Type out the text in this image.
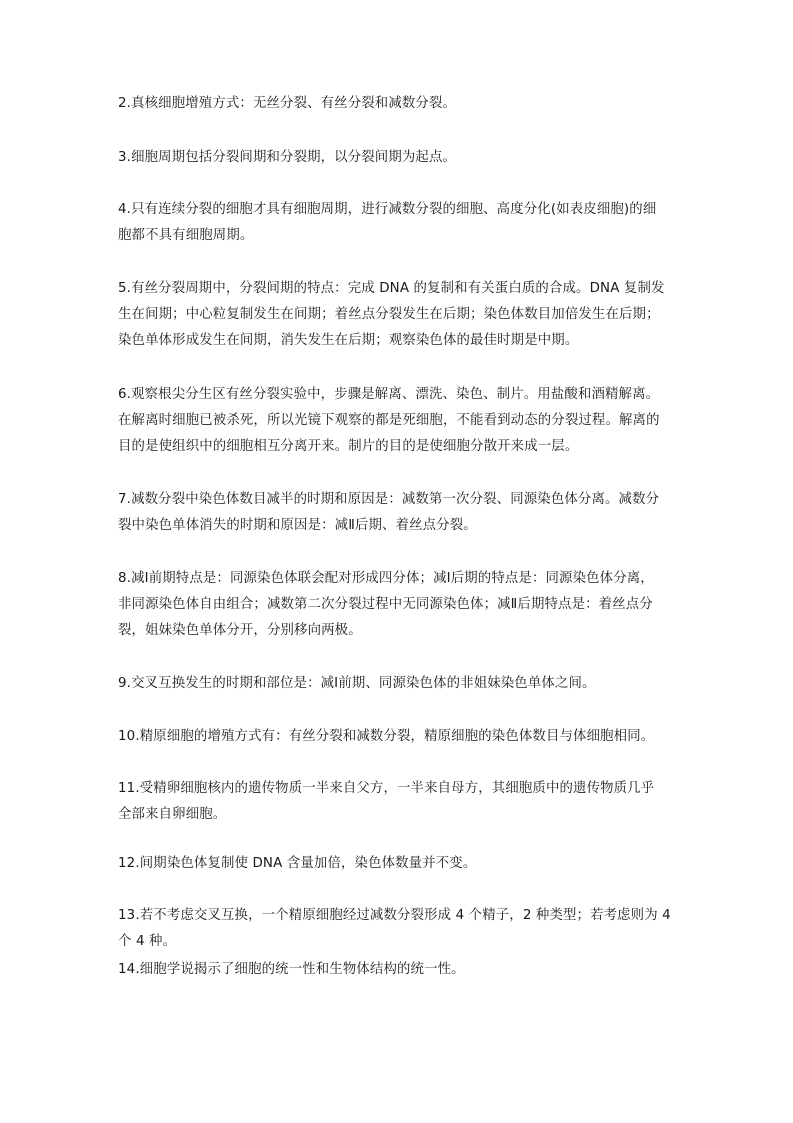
2.真核细胞增殖方式：无丝分裂、有丝分裂和减数分裂。
3.细胞周期包括分裂间期和分裂期，以分裂间期为起点。
4.只有连续分裂的细胞才具有细胞周期，进行减数分裂的细胞、高度分化(如表皮细胞)的细
胞都不具有细胞周期。
5.有丝分裂周期中，分裂间期的特点：完成 DNA 的复制和有关蛋白质的合成。DNA 复制发
生在间期；中心粒复制发生在间期；着丝点分裂发生在后期；染色体数目加倍发生在后期；
染色单体形成发生在间期，消失发生在后期；观察染色体的最佳时期是中期。
6.观察根尖分生区有丝分裂实验中，步骤是解离、漂洗、染色、制片。用盐酸和酒精解离。
在解离时细胞已被杀死，所以光镜下观察的都是死细胞，不能看到动态的分裂过程。解离的
目的是使组织中的细胞相互分离开来。制片的目的是使细胞分散开来成一层。
7.减数分裂中染色体数目减半的时期和原因是：减数第一次分裂、同源染色体分离。减数分
裂中染色单体消失的时期和原因是：减Ⅱ后期、着丝点分裂。
8.减Ⅰ前期特点是：同源染色体联会配对形成四分体；减Ⅰ后期的特点是：同源染色体分离，
非同源染色体自由组合；减数第二次分裂过程中无同源染色体；减Ⅱ后期特点是：着丝点分
裂，姐妹染色单体分开，分别移向两极。
9.交叉互换发生的时期和部位是：减Ⅰ前期、同源染色体的非姐妹染色单体之间。
10.精原细胞的增殖方式有：有丝分裂和减数分裂，精原细胞的染色体数目与体细胞相同。
11.受精卵细胞核内的遗传物质一半来自父方，一半来自母方，其细胞质中的遗传物质几乎
全部来自卵细胞。
12.间期染色体复制使 DNA 含量加倍，染色体数量并不变。
13.若不考虑交叉互换，一个精原细胞经过减数分裂形成 4 个精子，2 种类型；若考虑则为 4
个 4 种。
14.细胞学说揭示了细胞的统一性和生物体结构的统一性。
